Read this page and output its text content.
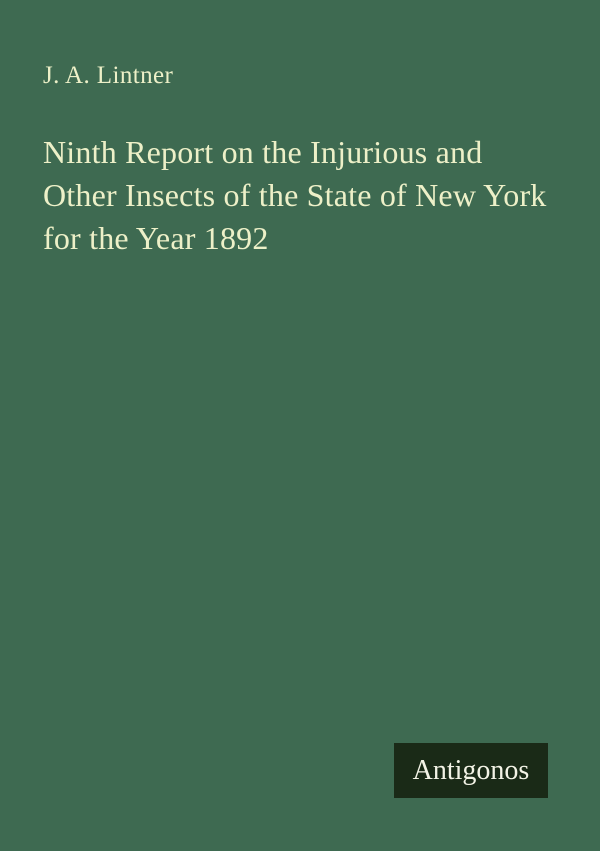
J. A. Lintner
Ninth Report on the Injurious and
Other Insects of the State of New York
for the Year 1892
Antigonos
